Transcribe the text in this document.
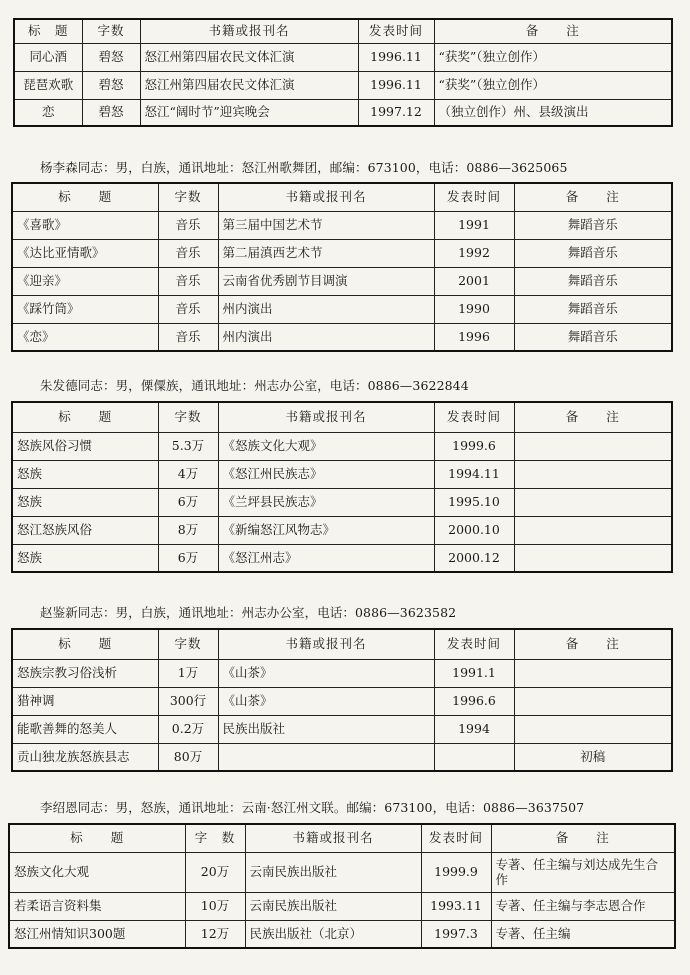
标　题	字数	书籍或报刊名	发表时间	备　　注
同心酒	碧怒	怒江州第四届农民文体汇演	1996.11	“获奖”（独立创作）
琵琶欢歌	碧怒	怒江州第四届农民文体汇演	1996.11	“获奖”（独立创作）
恋	碧怒	怒江“阔时节”迎宾晚会	1997.12	（独立创作）州、县级演出
杨李森同志：男，白族，通讯地址：怒江州歌舞团，邮编：673100，电话：0886—3625065
标　　题	字数	书籍或报刊名	发表时间	备　　注
《喜歌》	音乐	第三届中国艺术节	1991	舞蹈音乐
《达比亚情歌》	音乐	第二届滇西艺术节	1992	舞蹈音乐
《迎亲》	音乐	云南省优秀剧节目调演	2001	舞蹈音乐
《踩竹筒》	音乐	州内演出	1990	舞蹈音乐
《恋》	音乐	州内演出	1996	舞蹈音乐
朱发德同志：男，傈僳族，通讯地址：州志办公室，电话：0886—3622844
标　　题	字数	书籍或报刊名	发表时间	备　　注
怒族风俗习惯	5.3万	《怒族文化大观》	1999.6	
怒族	4万	《怒江州民族志》	1994.11	
怒族	6万	《兰坪县民族志》	1995.10	
怒江怒族风俗	8万	《新编怒江风物志》	2000.10	
怒族	6万	《怒江州志》	2000.12	
赵鉴新同志：男，白族，通讯地址：州志办公室，电话：0886—3623582
标　　题	字数	书籍或报刊名	发表时间	备　　注
怒族宗教习俗浅析	1万	《山茶》	1991.1	
猎神调	300行	《山茶》	1996.6	
能歌善舞的怒美人	0.2万	民族出版社	1994	
贡山独龙族怒族县志	80万			初稿
李绍恩同志：男，怒族，通讯地址：云南·怒江州文联。邮编：673100，电话：0886—3637507
标　　题	字　数	书籍或报刊名	发表时间	备　　注
怒族文化大观	20万	云南民族出版社	1999.9	专著、任主编与刘达成先生合作
若柔语言资料集	10万	云南民族出版社	1993.11	专著、任主编与李志恩合作
怒江州情知识300题	12万	民族出版社（北京）	1997.3	专著、任主编
